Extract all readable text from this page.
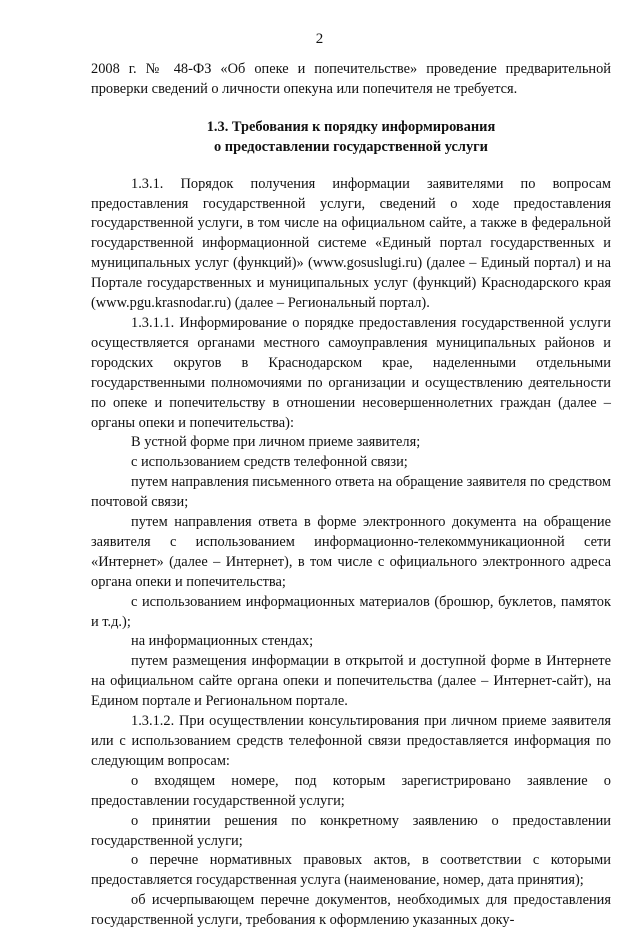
2

2008 г. № 48-ФЗ «Об опеке и попечительстве» проведение предварительной проверки сведений о личности опекуна или попечителя не требуется.

1.3. Требования к порядку информирования
о предоставлении государственной услуги

1.3.1. Порядок получения информации заявителями по вопросам предоставления государственной услуги, сведений о ходе предоставления государственной услуги, в том числе на официальном сайте, а также в федеральной государственной информационной системе «Единый портал государственных и муниципальных услуг (функций)» (www.gosuslugi.ru) (далее – Единый портал) и на Портале государственных и муниципальных услуг (функций) Краснодарского края (www.pgu.krasnodar.ru) (далее – Региональный портал).

1.3.1.1. Информирование о порядке предоставления государственной услуги осуществляется органами местного самоуправления муниципальных районов и городских округов в Краснодарском крае, наделенными отдельными государственными полномочиями по организации и осуществлению деятельности по опеке и попечительству в отношении несовершеннолетних граждан (далее – органы опеки и попечительства):

В устной форме при личном приеме заявителя;

с использованием средств телефонной связи;

путем направления письменного ответа на обращение заявителя по средством почтовой связи;

путем направления ответа в форме электронного документа на обращение заявителя с использованием информационно-телекоммуникационной сети «Интернет» (далее – Интернет), в том числе с официального электронного адреса органа опеки и попечительства;

с использованием информационных материалов (брошюр, буклетов, памяток и т.д.);

на информационных стендах;

путем размещения информации в открытой и доступной форме в Интернете на официальном сайте органа опеки и попечительства (далее – Интернет-сайт), на Едином портале и Региональном портале.

1.3.1.2. При осуществлении консультирования при личном приеме заявителя или с использованием средств телефонной связи предоставляется информация по следующим вопросам:

о входящем номере, под которым зарегистрировано заявление о предоставлении государственной услуги;

о принятии решения по конкретному заявлению о предоставлении государственной услуги;

о перечне нормативных правовых актов, в соответствии с которыми предоставляется государственная услуга (наименование, номер, дата принятия);

об исчерпывающем перечне документов, необходимых для предоставления государственной услуги, требования к оформлению указанных доку-
